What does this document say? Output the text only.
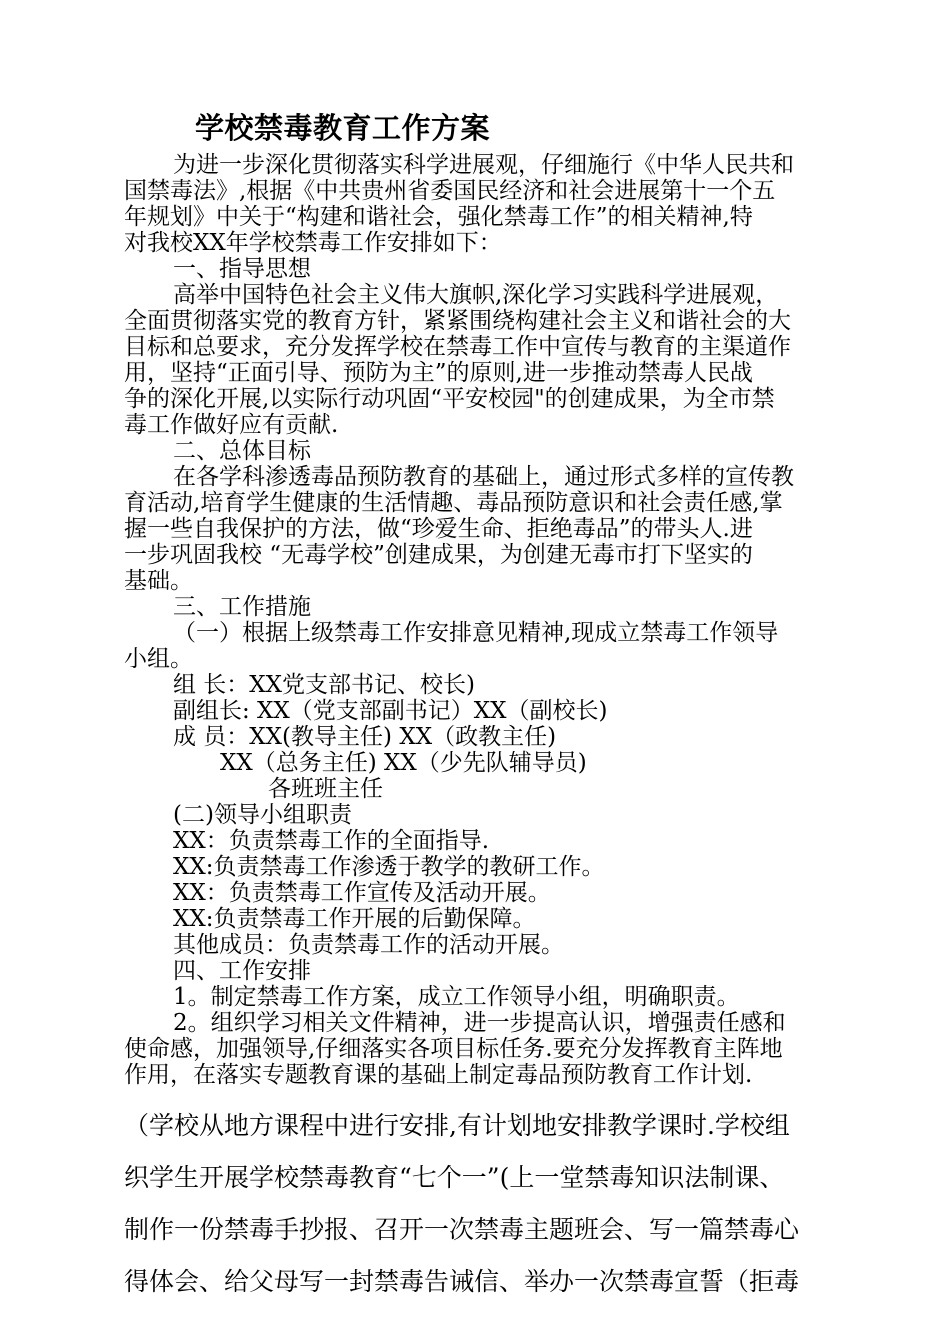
学校禁毒教育工作方案
为进一步深化贯彻落实科学进展观，仔细施行《中华人民共和
国禁毒法》,根据《中共贵州省委国民经济和社会进展第十一个五
年规划》中关于“构建和谐社会，强化禁毒工作”的相关精神,特
对我校XX年学校禁毒工作安排如下：
一、指导思想
高举中国特色社会主义伟大旗帜,深化学习实践科学进展观，
全面贯彻落实党的教育方针，紧紧围绕构建社会主义和谐社会的大
目标和总要求，充分发挥学校在禁毒工作中宣传与教育的主渠道作
用，坚持“正面引导、预防为主”的原则,进一步推动禁毒人民战
争的深化开展,以实际行动巩固“平安校园"的创建成果，为全市禁
毒工作做好应有贡献.
二、总体目标
在各学科渗透毒品预防教育的基础上，通过形式多样的宣传教
育活动,培育学生健康的生活情趣、毒品预防意识和社会责任感,掌
握一些自我保护的方法，做“珍爱生命、拒绝毒品”的带头人.进
一步巩固我校 “无毒学校”创建成果，为创建无毒市打下坚实的
基础。
三、工作措施
（一）根据上级禁毒工作安排意见精神,现成立禁毒工作领导
小组。
组 长：XX党支部书记、校长)
副组长: XX（党支部副书记）XX（副校长)
成 员：XX(教导主任) XX（政教主任)
XX（总务主任) XX（少先队辅导员)
各班班主任
(二)领导小组职责
XX：负责禁毒工作的全面指导.
XX:负责禁毒工作渗透于教学的教研工作。
XX：负责禁毒工作宣传及活动开展。
XX:负责禁毒工作开展的后勤保障。
其他成员：负责禁毒工作的活动开展。
四、工作安排
1。制定禁毒工作方案，成立工作领导小组，明确职责。
2。组织学习相关文件精神，进一步提高认识，增强责任感和
使命感，加强领导,仔细落实各项目标任务.要充分发挥教育主阵地
作用，在落实专题教育课的基础上制定毒品预防教育工作计划.
（学校从地方课程中进行安排,有计划地安排教学课时.学校组
织学生开展学校禁毒教育“七个一”(上一堂禁毒知识法制课、
制作一份禁毒手抄报、召开一次禁毒主题班会、写一篇禁毒心
得体会、给父母写一封禁毒告诫信、举办一次禁毒宣誓（拒毒
